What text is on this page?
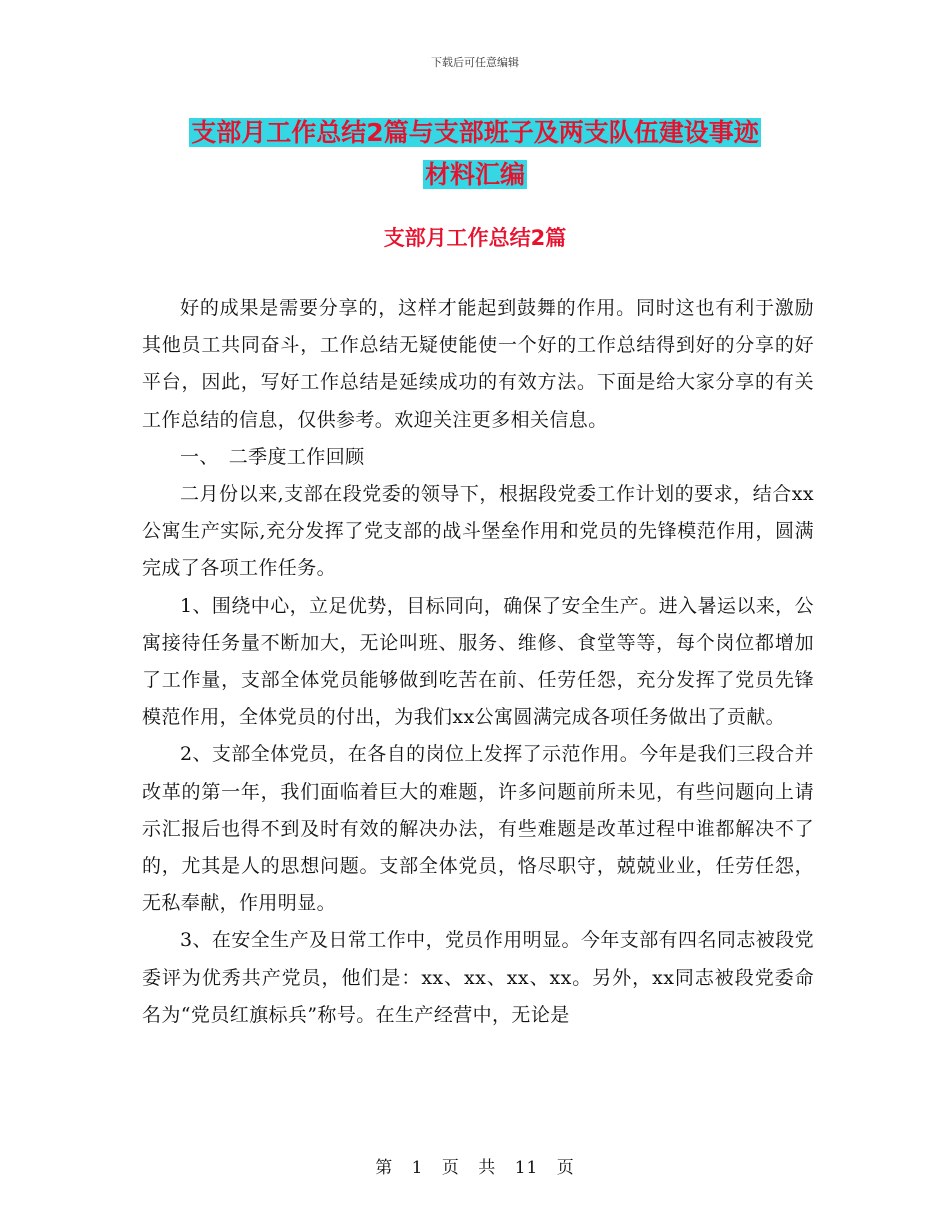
下载后可任意编辑
支部月工作总结2篇与支部班子及两支队伍建设事迹
材料汇编
支部月工作总结2篇

好的成果是需要分享的，这样才能起到鼓舞的作用。同时这也有利于激励其他员工共同奋斗，工作总结无疑使能使一个好的工作总结得到好的分享的好平台，因此，写好工作总结是延续成功的有效方法。下面是给大家分享的有关工作总结的信息，仅供参考。欢迎关注更多相关信息。

一、　二季度工作回顾

二月份以来,支部在段党委的领导下，根据段党委工作计划的要求，结合xx公寓生产实际,充分发挥了党支部的战斗堡垒作用和党员的先锋模范作用，圆满完成了各项工作任务。

1、围绕中心，立足优势，目标同向，确保了安全生产。进入暑运以来，公寓接待任务量不断加大，无论叫班、服务、维修、食堂等等，每个岗位都增加了工作量，支部全体党员能够做到吃苦在前、任劳任怨，充分发挥了党员先锋模范作用，全体党员的付出，为我们xx公寓圆满完成各项任务做出了贡献。

2、支部全体党员，在各自的岗位上发挥了示范作用。今年是我们三段合并改革的第一年，我们面临着巨大的难题，许多问题前所未见，有些问题向上请示汇报后也得不到及时有效的解决办法，有些难题是改革过程中谁都解决不了的，尤其是人的思想问题。支部全体党员，恪尽职守，兢兢业业，任劳任怨，无私奉献，作用明显。

3、在安全生产及日常工作中，党员作用明显。今年支部有四名同志被段党委评为优秀共产党员，他们是：xx、xx、xx、xx。另外，xx同志被段党委命名为“党员红旗标兵”称号。在生产经营中，无论是

第 1 页 共 11 页
